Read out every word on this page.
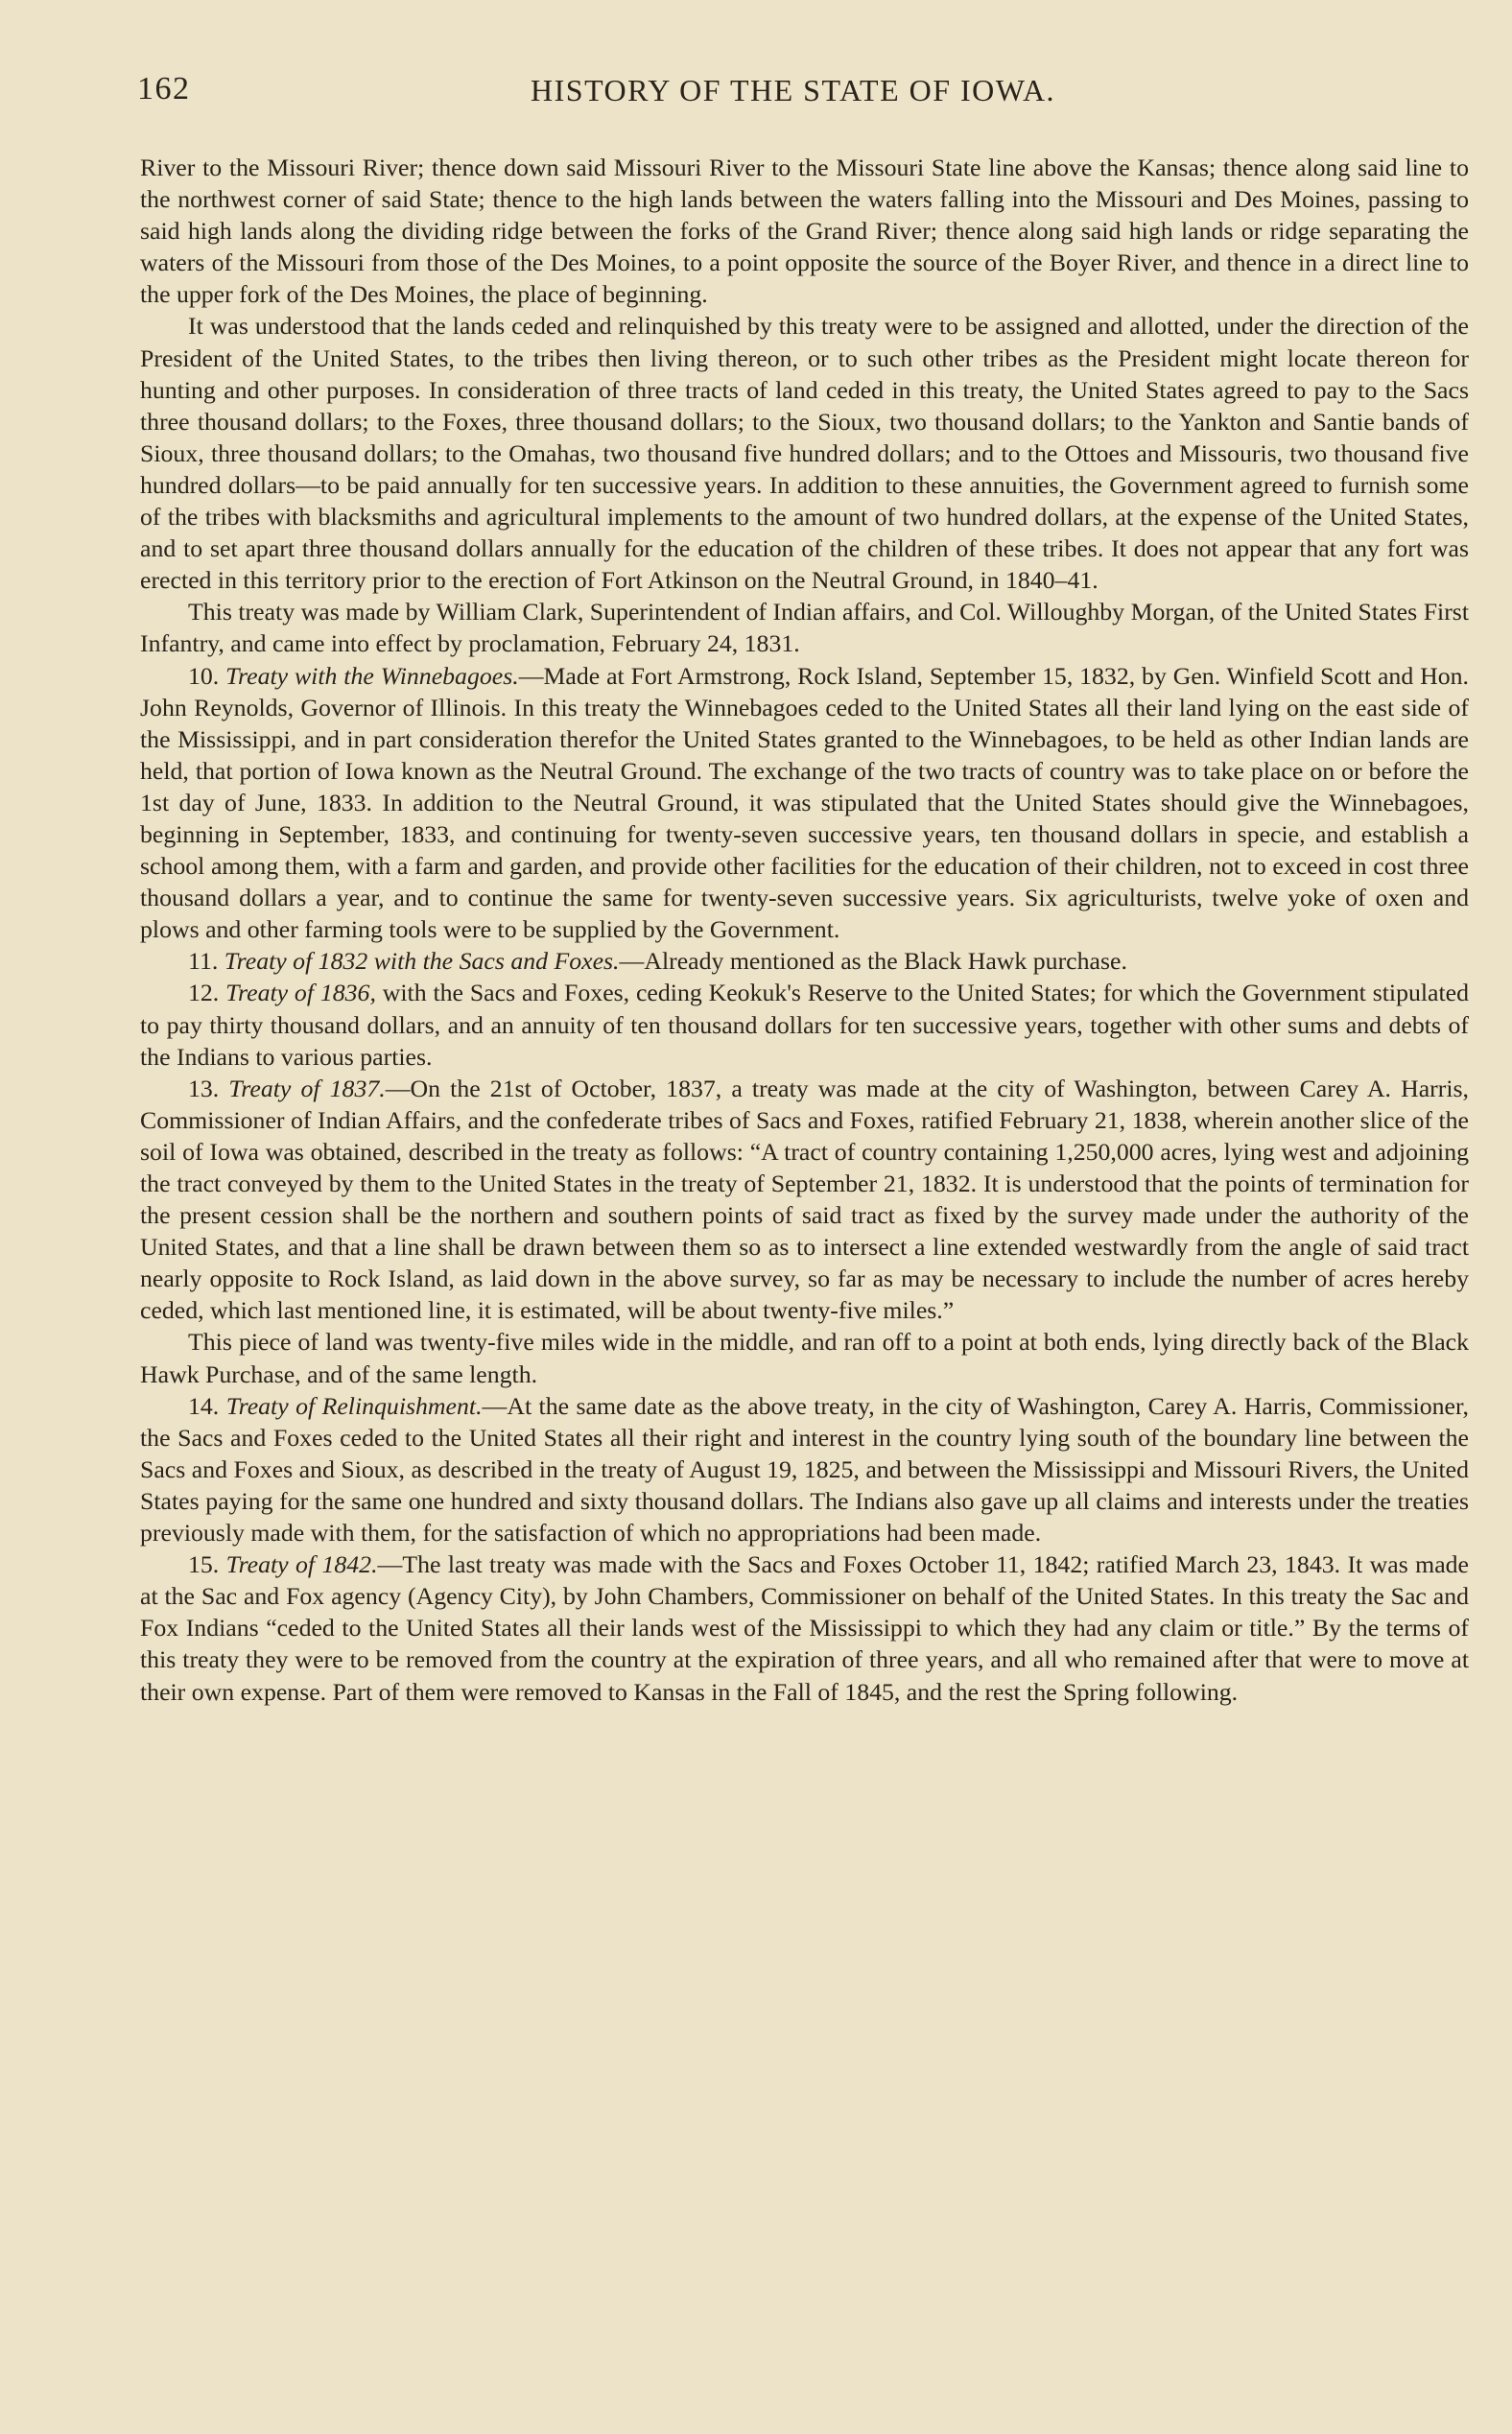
162	HISTORY OF THE STATE OF IOWA.

River to the Missouri River; thence down said Missouri River to the Missouri State line above the Kansas; thence along said line to the northwest corner of said State; thence to the high lands between the waters falling into the Missouri and Des Moines, passing to said high lands along the dividing ridge between the forks of the Grand River; thence along said high lands or ridge separating the waters of the Missouri from those of the Des Moines, to a point opposite the source of the Boyer River, and thence in a direct line to the upper fork of the Des Moines, the place of beginning.

It was understood that the lands ceded and relinquished by this treaty were to be assigned and allotted, under the direction of the President of the United States, to the tribes then living thereon, or to such other tribes as the President might locate thereon for hunting and other purposes. In consideration of three tracts of land ceded in this treaty, the United States agreed to pay to the Sacs three thousand dollars; to the Foxes, three thousand dollars; to the Sioux, two thousand dollars; to the Yankton and Santie bands of Sioux, three thousand dollars; to the Omahas, two thousand five hundred dollars; and to the Ottoes and Missouris, two thousand five hundred dollars—to be paid annually for ten successive years. In addition to these annuities, the Government agreed to furnish some of the tribes with blacksmiths and agricultural implements to the amount of two hundred dollars, at the expense of the United States, and to set apart three thousand dollars annually for the education of the children of these tribes. It does not appear that any fort was erected in this territory prior to the erection of Fort Atkinson on the Neutral Ground, in 1840–41.

This treaty was made by William Clark, Superintendent of Indian affairs, and Col. Willoughby Morgan, of the United States First Infantry, and came into effect by proclamation, February 24, 1831.

10. Treaty with the Winnebagoes.—Made at Fort Armstrong, Rock Island, September 15, 1832, by Gen. Winfield Scott and Hon. John Reynolds, Governor of Illinois. In this treaty the Winnebagoes ceded to the United States all their land lying on the east side of the Mississippi, and in part consideration therefor the United States granted to the Winnebagoes, to be held as other Indian lands are held, that portion of Iowa known as the Neutral Ground. The exchange of the two tracts of country was to take place on or before the 1st day of June, 1833. In addition to the Neutral Ground, it was stipulated that the United States should give the Winnebagoes, beginning in September, 1833, and continuing for twenty-seven successive years, ten thousand dollars in specie, and establish a school among them, with a farm and garden, and provide other facilities for the education of their children, not to exceed in cost three thousand dollars a year, and to continue the same for twenty-seven successive years. Six agriculturists, twelve yoke of oxen and plows and other farming tools were to be supplied by the Government.

11. Treaty of 1832 with the Sacs and Foxes.—Already mentioned as the Black Hawk purchase.

12. Treaty of 1836, with the Sacs and Foxes, ceding Keokuk's Reserve to the United States; for which the Government stipulated to pay thirty thousand dollars, and an annuity of ten thousand dollars for ten successive years, together with other sums and debts of the Indians to various parties.

13. Treaty of 1837.—On the 21st of October, 1837, a treaty was made at the city of Washington, between Carey A. Harris, Commissioner of Indian Affairs, and the confederate tribes of Sacs and Foxes, ratified February 21, 1838, wherein another slice of the soil of Iowa was obtained, described in the treaty as follows: “A tract of country containing 1,250,000 acres, lying west and adjoining the tract conveyed by them to the United States in the treaty of September 21, 1832. It is understood that the points of termination for the present cession shall be the northern and southern points of said tract as fixed by the survey made under the authority of the United States, and that a line shall be drawn between them so as to intersect a line extended westwardly from the angle of said tract nearly opposite to Rock Island, as laid down in the above survey, so far as may be necessary to include the number of acres hereby ceded, which last mentioned line, it is estimated, will be about twenty-five miles.”

This piece of land was twenty-five miles wide in the middle, and ran off to a point at both ends, lying directly back of the Black Hawk Purchase, and of the same length.

14. Treaty of Relinquishment.—At the same date as the above treaty, in the city of Washington, Carey A. Harris, Commissioner, the Sacs and Foxes ceded to the United States all their right and interest in the country lying south of the boundary line between the Sacs and Foxes and Sioux, as described in the treaty of August 19, 1825, and between the Mississippi and Missouri Rivers, the United States paying for the same one hundred and sixty thousand dollars. The Indians also gave up all claims and interests under the treaties previously made with them, for the satisfaction of which no appropriations had been made.

15. Treaty of 1842.—The last treaty was made with the Sacs and Foxes October 11, 1842; ratified March 23, 1843. It was made at the Sac and Fox agency (Agency City), by John Chambers, Commissioner on behalf of the United States. In this treaty the Sac and Fox Indians “ceded to the United States all their lands west of the Mississippi to which they had any claim or title.” By the terms of this treaty they were to be removed from the country at the expiration of three years, and all who remained after that were to move at their own expense. Part of them were removed to Kansas in the Fall of 1845, and the rest the Spring following.
